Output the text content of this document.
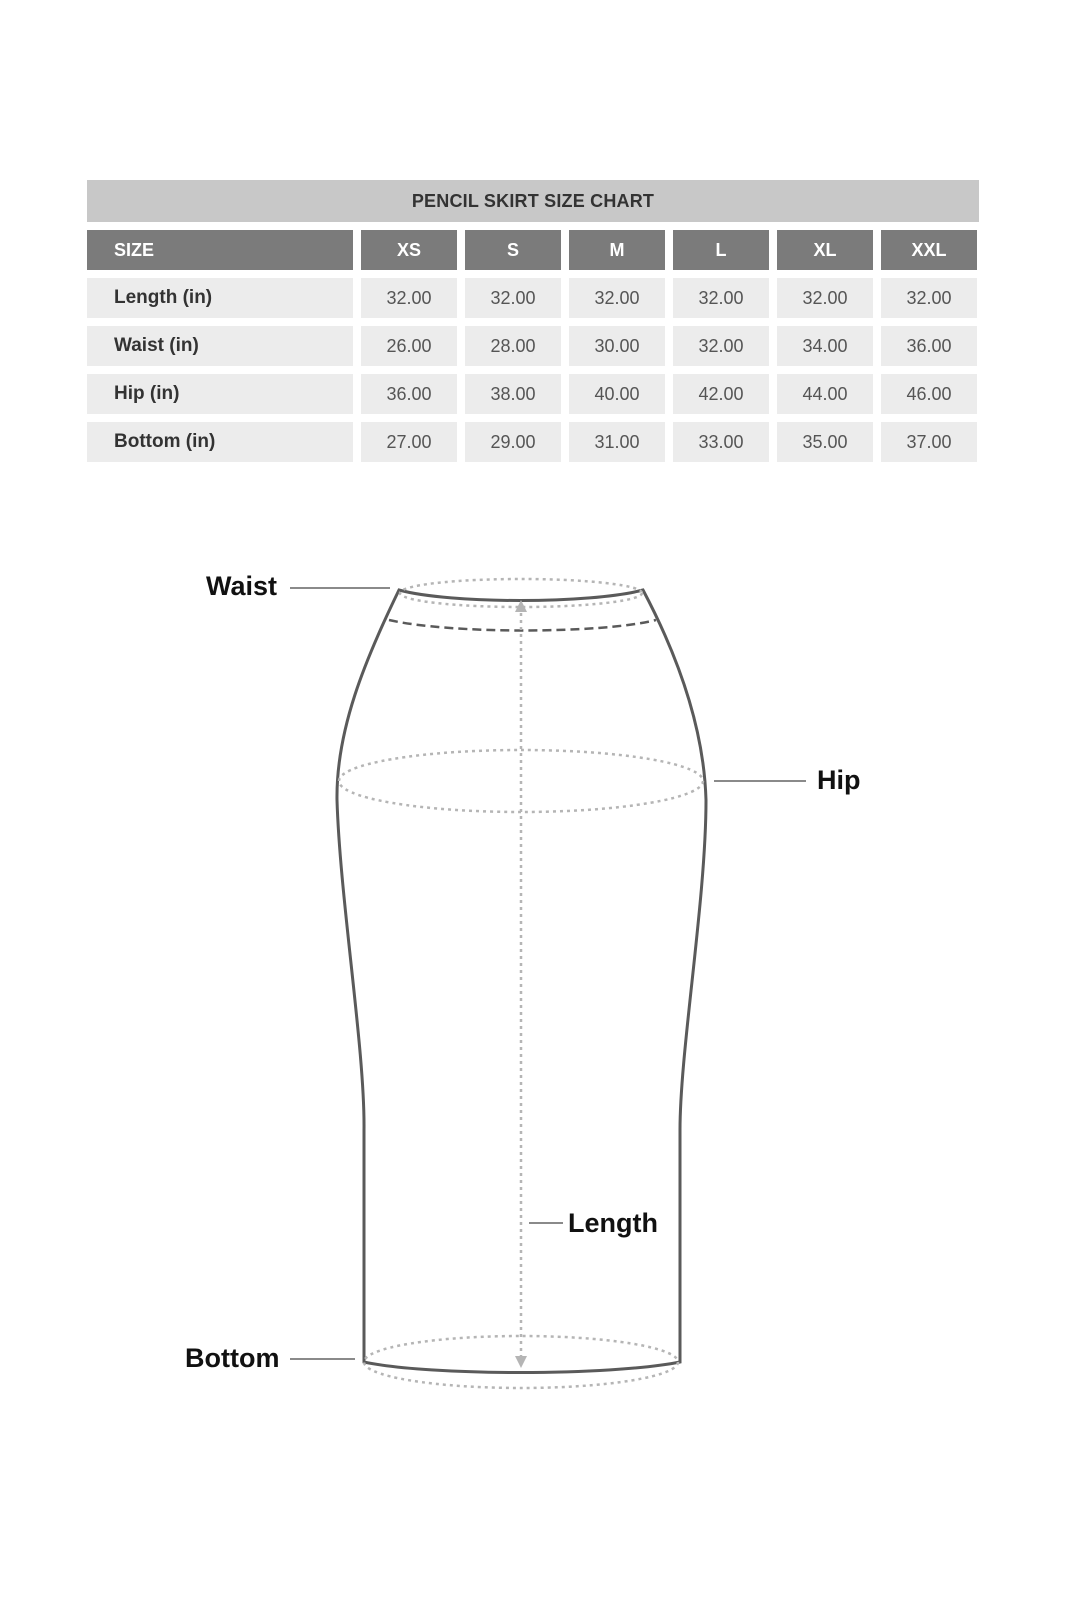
PENCIL SKIRT SIZE CHART
SIZE	XS	S	M	L	XL	XXL
Length (in)	32.00	32.00	32.00	32.00	32.00	32.00
Waist (in)	26.00	28.00	30.00	32.00	34.00	36.00
Hip (in)	36.00	38.00	40.00	42.00	44.00	46.00
Bottom (in)	27.00	29.00	31.00	33.00	35.00	37.00
Waist
Hip
Length
Bottom
